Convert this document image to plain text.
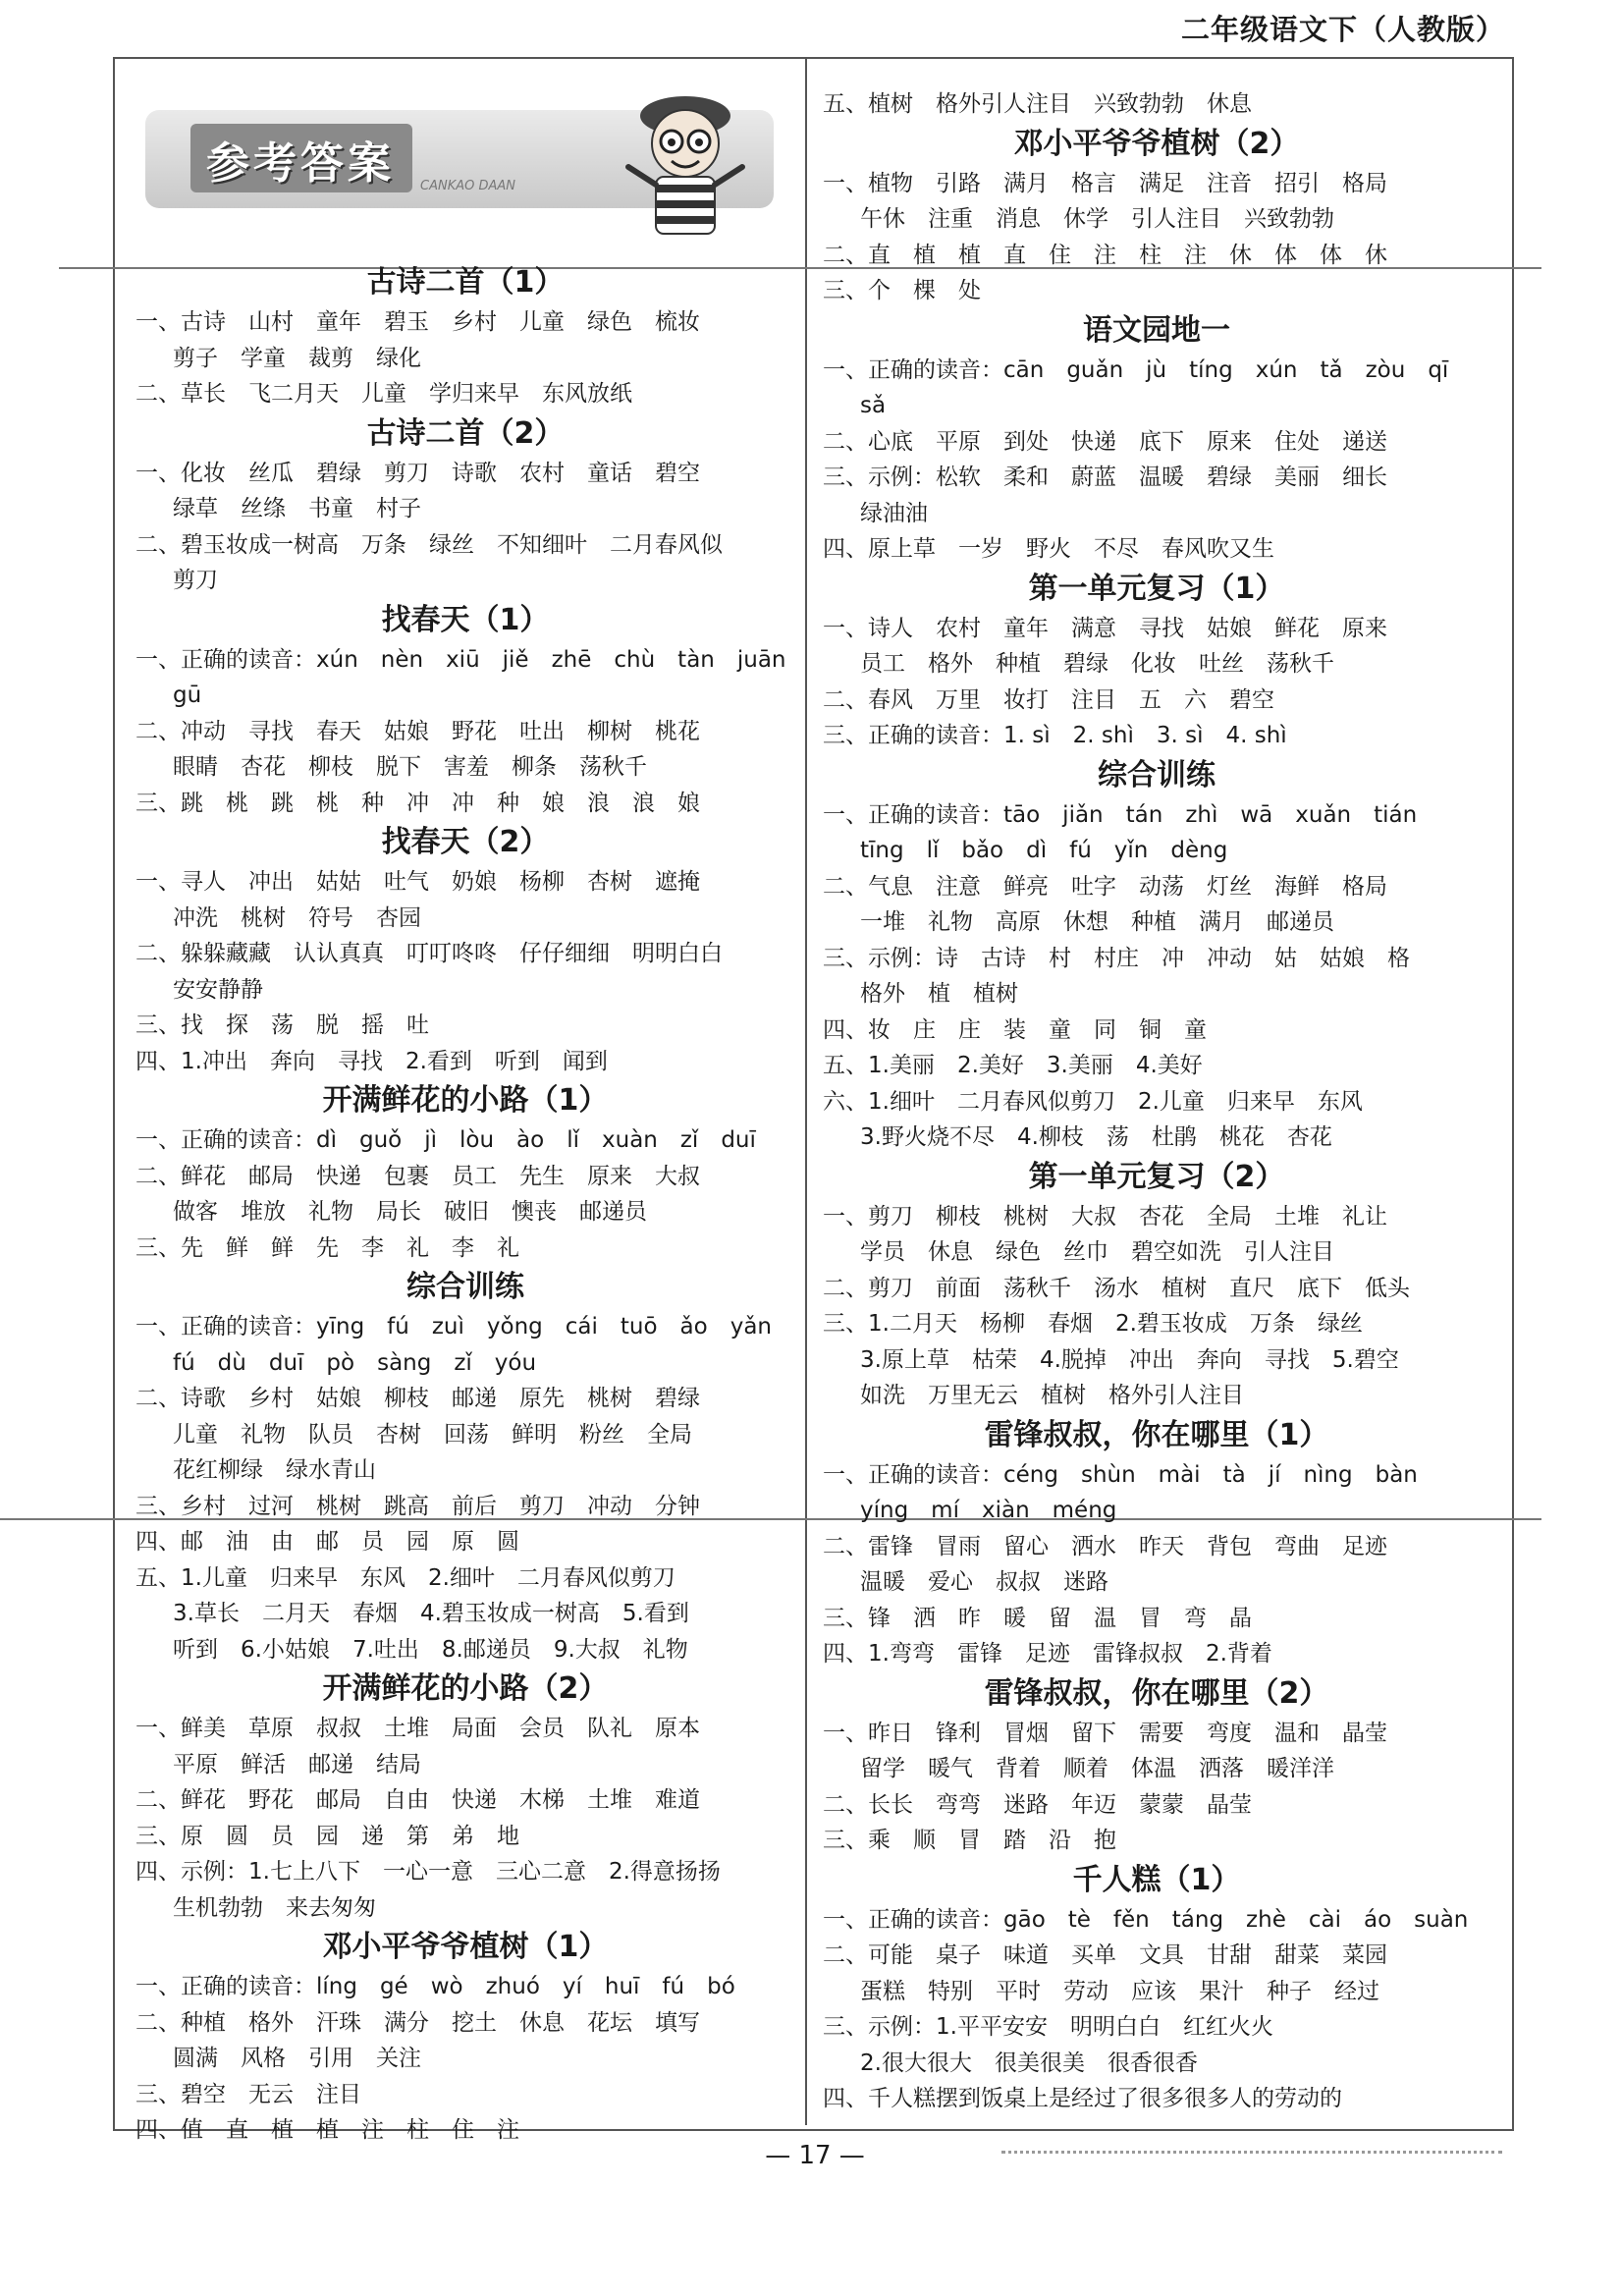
二年级语文下（人教版）
参考答案 CANKAO DAAN
古诗二首（1）
一、古诗　山村　童年　碧玉　乡村　儿童　绿色　梳妆
剪子　学童　裁剪　绿化
二、草长　飞二月天　儿童　学归来早　东风放纸
古诗二首（2）
一、化妆　丝瓜　碧绿　剪刀　诗歌　农村　童话　碧空
绿草　丝绦　书童　村子
二、碧玉妆成一树高　万条　绿丝　不知细叶　二月春风似
剪刀
找春天（1）
一、正确的读音：xún　nèn　xiū　jiě　zhē　chù　tàn　juān
gū
二、冲动　寻找　春天　姑娘　野花　吐出　柳树　桃花
眼睛　杏花　柳枝　脱下　害羞　柳条　荡秋千
三、跳　桃　跳　桃　种　冲　冲　种　娘　浪　浪　娘
找春天（2）
一、寻人　冲出　姑姑　吐气　奶娘　杨柳　杏树　遮掩
冲洗　桃树　符号　杏园
二、躲躲藏藏　认认真真　叮叮咚咚　仔仔细细　明明白白
安安静静
三、找　探　荡　脱　摇　吐
四、1.冲出　奔向　寻找　2.看到　听到　闻到
开满鲜花的小路（1）
一、正确的读音：dì　guǒ　jì　lòu　ào　lǐ　xuàn　zǐ　duī
二、鲜花　邮局　快递　包裹　员工　先生　原来　大叔
做客　堆放　礼物　局长　破旧　懊丧　邮递员
三、先　鲜　鲜　先　李　礼　李　礼
综合训练
一、正确的读音：yīng　fú　zuì　yǒng　cái　tuō　ǎo　yǎn
fú　dù　duī　pò　sàng　zǐ　yóu
二、诗歌　乡村　姑娘　柳枝　邮递　原先　桃树　碧绿
儿童　礼物　队员　杏树　回荡　鲜明　粉丝　全局
花红柳绿　绿水青山
三、乡村　过河　桃树　跳高　前后　剪刀　冲动　分钟
四、邮　油　由　邮　员　园　原　圆
五、1.儿童　归来早　东风　2.细叶　二月春风似剪刀
3.草长　二月天　春烟　4.碧玉妆成一树高　5.看到
听到　6.小姑娘　7.吐出　8.邮递员　9.大叔　礼物
开满鲜花的小路（2）
一、鲜美　草原　叔叔　土堆　局面　会员　队礼　原本
平原　鲜活　邮递　结局
二、鲜花　野花　邮局　自由　快递　木梯　土堆　难道
三、原　圆　员　园　递　第　弟　地
四、示例：1.七上八下　一心一意　三心二意　2.得意扬扬
生机勃勃　来去匆匆
邓小平爷爷植树（1）
一、正确的读音：líng　gé　wò　zhuó　yí　huī　fú　bó
二、种植　格外　汗珠　满分　挖土　休息　花坛　填写
圆满　风格　引用　关注
三、碧空　无云　注目
四、值　直　植　植　注　柱　住　注
五、植树　格外引人注目　兴致勃勃　休息
邓小平爷爷植树（2）
一、植物　引路　满月　格言　满足　注音　招引　格局
午休　注重　消息　休学　引人注目　兴致勃勃
二、直　植　植　直　住　注　柱　注　休　体　体　休
三、个　棵　处
语文园地一
一、正确的读音：cān　guǎn　jù　tíng　xún　tǎ　zòu　qī
sǎ
二、心底　平原　到处　快递　底下　原来　住处　递送
三、示例：松软　柔和　蔚蓝　温暖　碧绿　美丽　细长
绿油油
四、原上草　一岁　野火　不尽　春风吹又生
第一单元复习（1）
一、诗人　农村　童年　满意　寻找　姑娘　鲜花　原来
员工　格外　种植　碧绿　化妆　吐丝　荡秋千
二、春风　万里　妆打　注目　五　六　碧空
三、正确的读音：1. sì　2. shì　3. sì　4. shì
综合训练
一、正确的读音：tāo　jiǎn　tán　zhì　wā　xuǎn　tián
tīng　lǐ　bǎo　dì　fú　yǐn　dèng
二、气息　注意　鲜亮　吐字　动荡　灯丝　海鲜　格局
一堆　礼物　高原　休想　种植　满月　邮递员
三、示例：诗　古诗　村　村庄　冲　冲动　姑　姑娘　格
格外　植　植树
四、妆　庄　庄　装　童　同　铜　童
五、1.美丽　2.美好　3.美丽　4.美好
六、1.细叶　二月春风似剪刀　2.儿童　归来早　东风
3.野火烧不尽　4.柳枝　荡　杜鹃　桃花　杏花
第一单元复习（2）
一、剪刀　柳枝　桃树　大叔　杏花　全局　土堆　礼让
学员　休息　绿色　丝巾　碧空如洗　引人注目
二、剪刀　前面　荡秋千　汤水　植树　直尺　底下　低头
三、1.二月天　杨柳　春烟　2.碧玉妆成　万条　绿丝
3.原上草　枯荣　4.脱掉　冲出　奔向　寻找　5.碧空
如洗　万里无云　植树　格外引人注目
雷锋叔叔，你在哪里（1）
一、正确的读音：céng　shùn　mài　tà　jí　nìng　bàn
yíng　mí　xiàn　méng
二、雷锋　冒雨　留心　洒水　昨天　背包　弯曲　足迹
温暖　爱心　叔叔　迷路
三、锋　洒　昨　暖　留　温　冒　弯　晶
四、1.弯弯　雷锋　足迹　雷锋叔叔　2.背着
雷锋叔叔，你在哪里（2）
一、昨日　锋利　冒烟　留下　需要　弯度　温和　晶莹
留学　暖气　背着　顺着　体温　洒落　暖洋洋
二、长长　弯弯　迷路　年迈　蒙蒙　晶莹
三、乘　顺　冒　踏　沿　抱
千人糕（1）
一、正确的读音：gāo　tè　fěn　táng　zhè　cài　áo　suàn
二、可能　桌子　味道　买单　文具　甘甜　甜菜　菜园
蛋糕　特别　平时　劳动　应该　果汁　种子　经过
三、示例：1.平平安安　明明白白　红红火火
2.很大很大　很美很美　很香很香
四、千人糕摆到饭桌上是经过了很多很多人的劳动的
— 17 —
